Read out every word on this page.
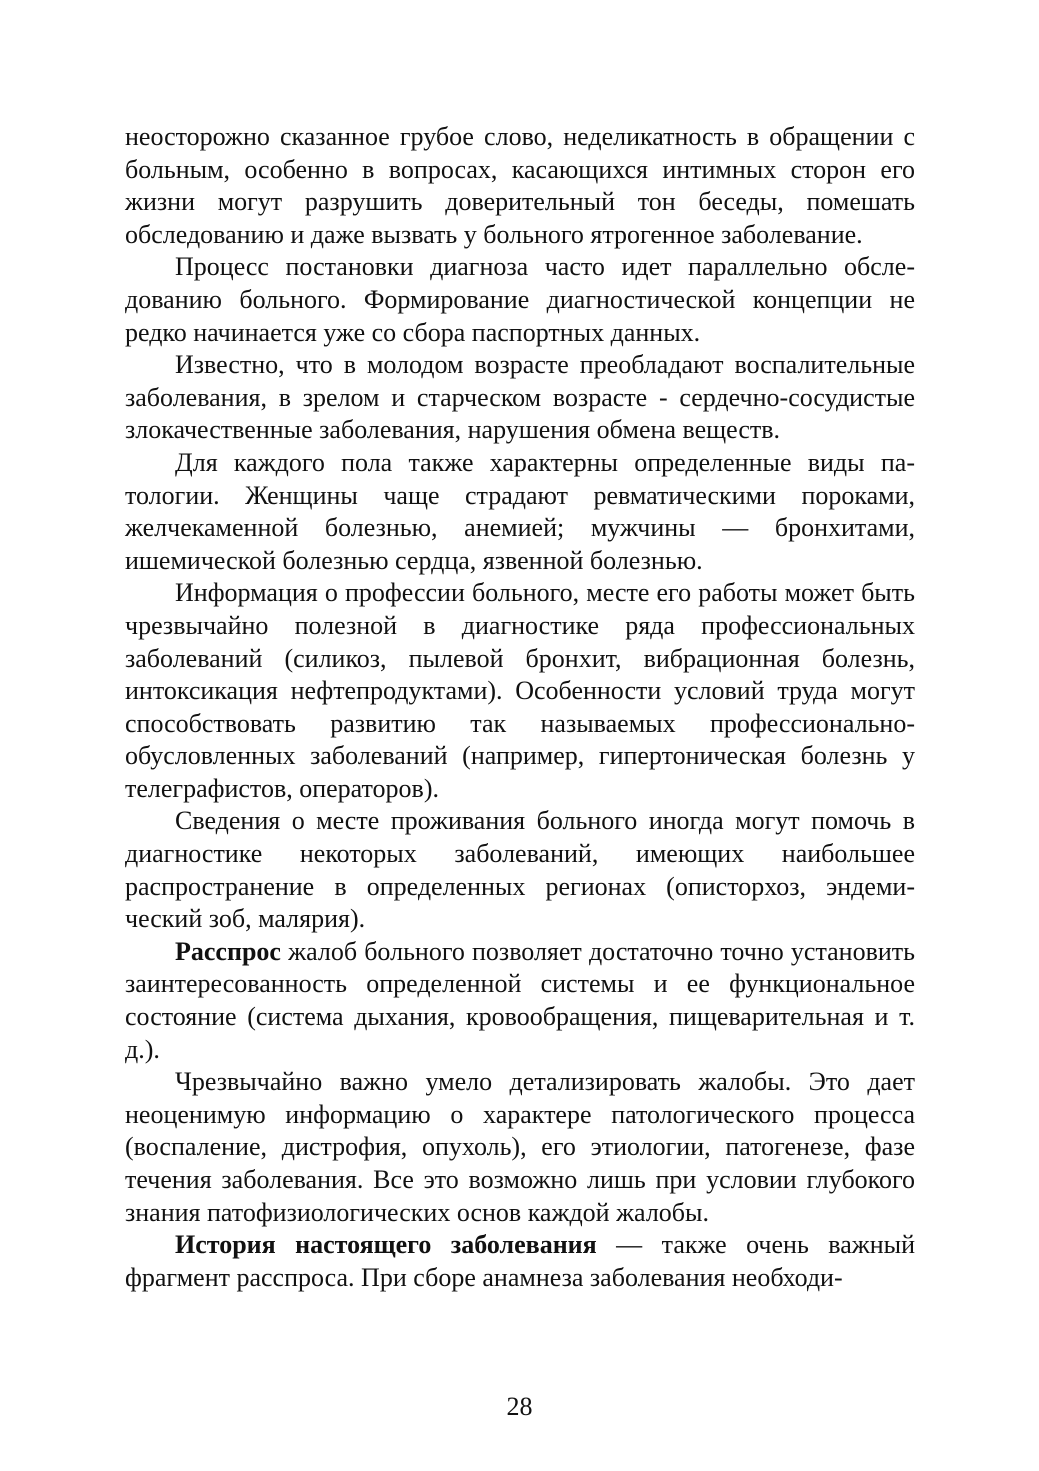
неосторожно сказанное грубое слово, неделикатность в обращении с больным, особенно в вопросах, касающихся интимных сторон его жизни могут разрушить доверительный тон беседы, помешать обследованию и даже вызвать у больного ятрогенное заболевание.

Процесс постановки диагноза часто идет параллельно обследованию больного. Формирование диагностической концепции не редко начинается уже со сбора паспортных данных.

Известно, что в молодом возрасте преобладают воспалительные заболевания, в зрелом и старческом возрасте - сердечно-сосудистые злокачественные заболевания, нарушения обмена веществ.

Для каждого пола также характерны определенные виды патологии. Женщины чаще страдают ревматическими пороками, желчекаменной болезнью, анемией; мужчины — бронхитами, ишемической болезнью сердца, язвенной болезнью.

Информация о профессии больного, месте его работы может быть чрезвычайно полезной в диагностике ряда профессиональных заболеваний (силикоз, пылевой бронхит, вибрационная болезнь, интоксикация нефтепродуктами). Особенности условий труда могут способствовать развитию так называемых профессионально-обусловленных заболеваний (например, гипертоническая болезнь у телеграфистов, операторов).

Сведения о месте проживания больного иногда могут помочь в диагностике некоторых заболеваний, имеющих наибольшее распространение в определенных регионах (описторхоз, эндемический зоб, малярия).

Расспрос жалоб больного позволяет достаточно точно установить заинтересованность определенной системы и ее функциональное состояние (система дыхания, кровообращения, пищеварительная и т. д.).

Чрезвычайно важно умело детализировать жалобы. Это дает неоценимую информацию о характере патологического процесса (воспаление, дистрофия, опухоль), его этиологии, патогенезе, фазе течения заболевания. Все это возможно лишь при условии глубокого знания патофизиологических основ каждой жалобы.

История настоящего заболевания — также очень важный фрагмент расспроса. При сборе анамнеза заболевания необходи-

28
